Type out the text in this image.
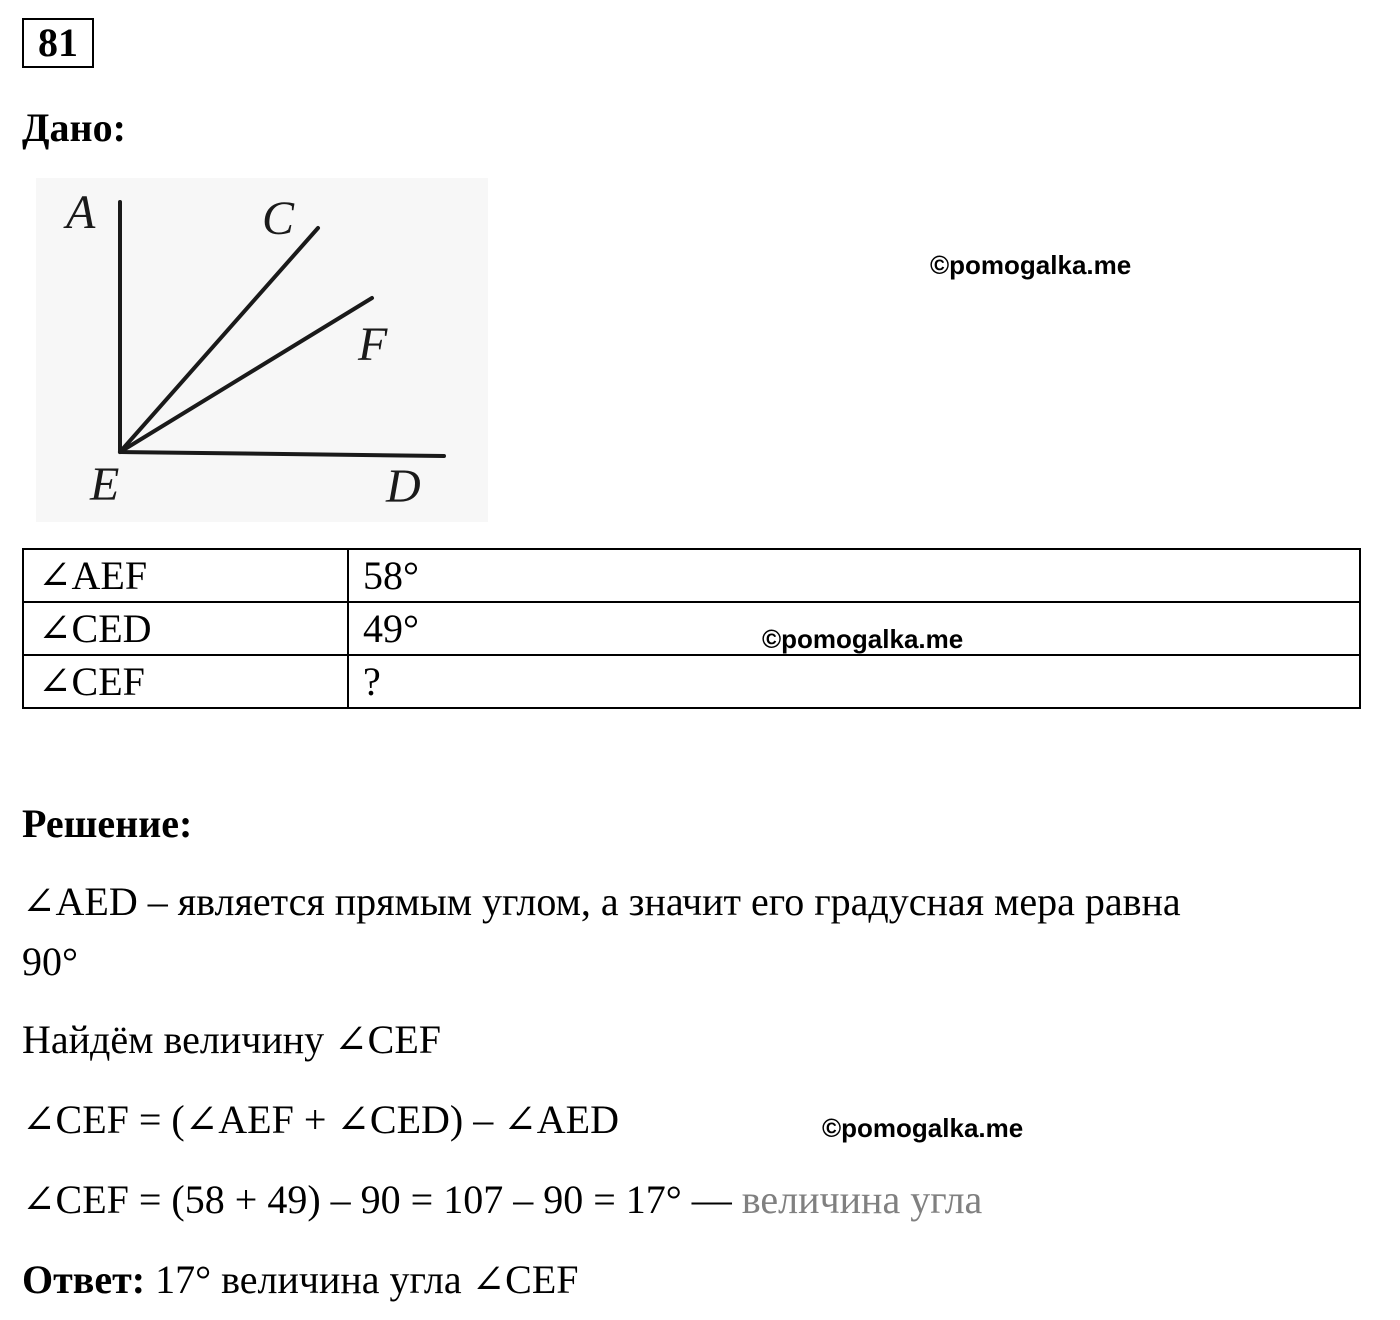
81
Дано:
A	C
F
E	D
©pomogalka.me
∠AEF	58°
∠CED	49°
∠CEF	?
©pomogalka.me
Решение:
∠AED – является прямым углом, а значит его градусная мера равна
90°
Найдём величину ∠CEF
∠CEF = (∠AEF + ∠CED) – ∠AED	©pomogalka.me
∠CEF = (58 + 49) – 90 = 107 – 90 = 17° — величина угла
Ответ: 17° величина угла ∠CEF
